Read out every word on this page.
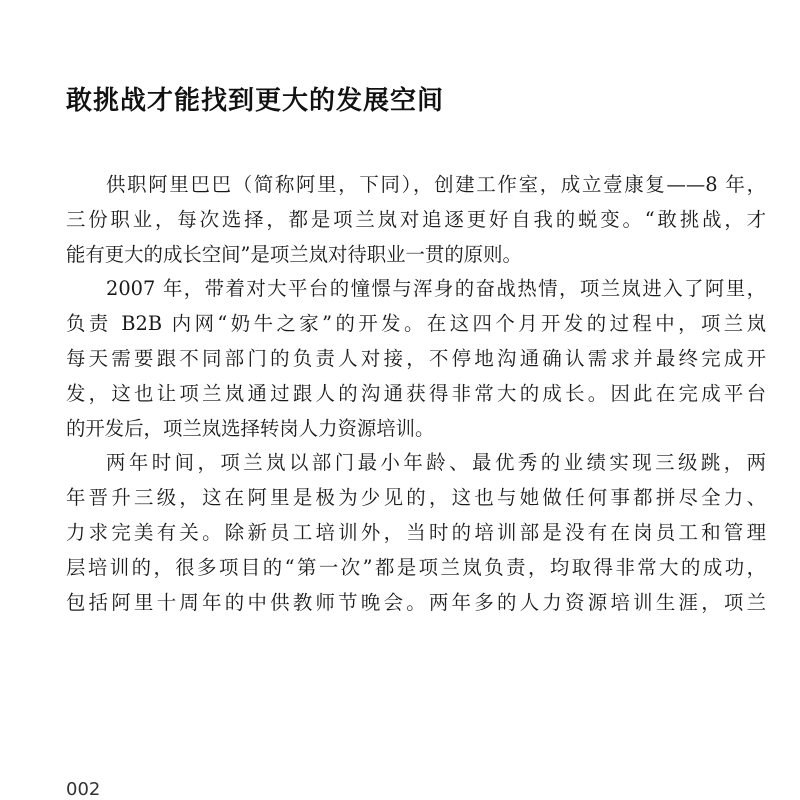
敢挑战才能找到更大的发展空间

供职阿里巴巴（简称阿里，下同），创建工作室，成立壹康复——8 年，
三份职业，每次选择，都是项兰岚对追逐更好自我的蜕变。“敢挑战，才
能有更大的成长空间”是项兰岚对待职业一贯的原则。

2007 年，带着对大平台的憧憬与浑身的奋战热情，项兰岚进入了阿里，
负责 B2B 内网“奶牛之家”的开发。在这四个月开发的过程中，项兰岚
每天需要跟不同部门的负责人对接，不停地沟通确认需求并最终完成开
发，这也让项兰岚通过跟人的沟通获得非常大的成长。因此在完成平台
的开发后，项兰岚选择转岗人力资源培训。

两年时间，项兰岚以部门最小年龄、最优秀的业绩实现三级跳，两
年晋升三级，这在阿里是极为少见的，这也与她做任何事都拼尽全力、
力求完美有关。除新员工培训外，当时的培训部是没有在岗员工和管理
层培训的，很多项目的“第一次”都是项兰岚负责，均取得非常大的成功，
包括阿里十周年的中供教师节晚会。两年多的人力资源培训生涯，项兰

002
